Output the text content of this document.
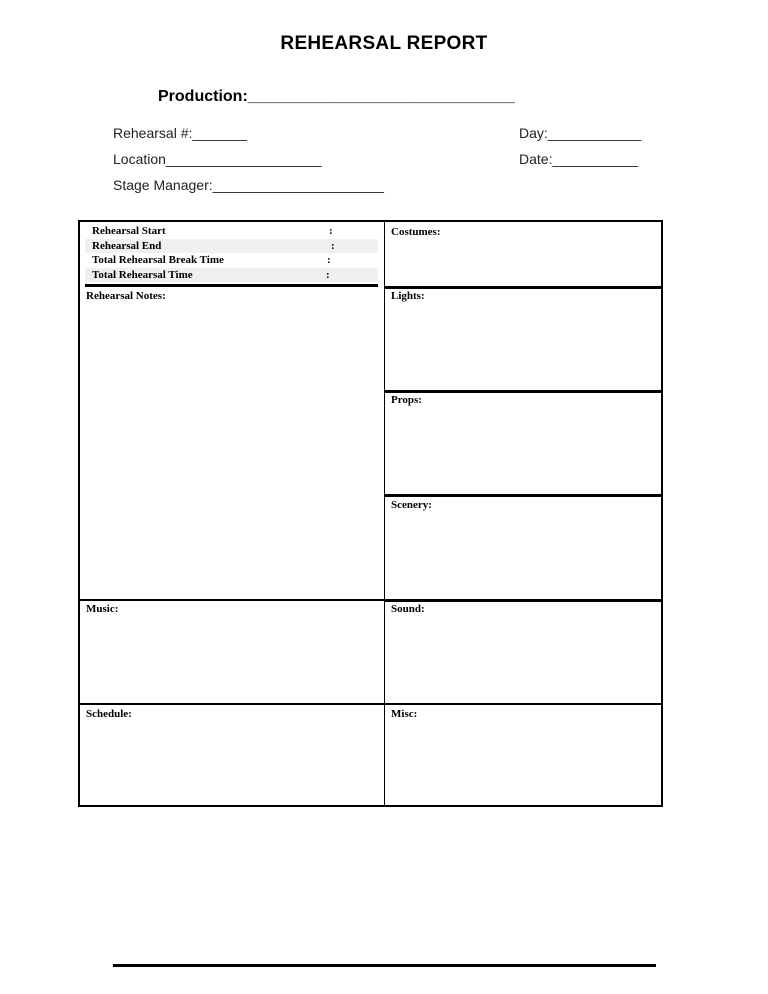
REHEARSAL REPORT
Production:______________________________
Rehearsal #:_______	Day:____________
Location____________________	Date:___________
Stage Manager:______________________
Rehearsal Start	:
Rehearsal End	:
Total Rehearsal Break Time	:
Total Rehearsal Time	:
Rehearsal Notes:
Costumes:
Lights:
Props:
Scenery:
Music:	Sound:
Schedule:	Misc:
